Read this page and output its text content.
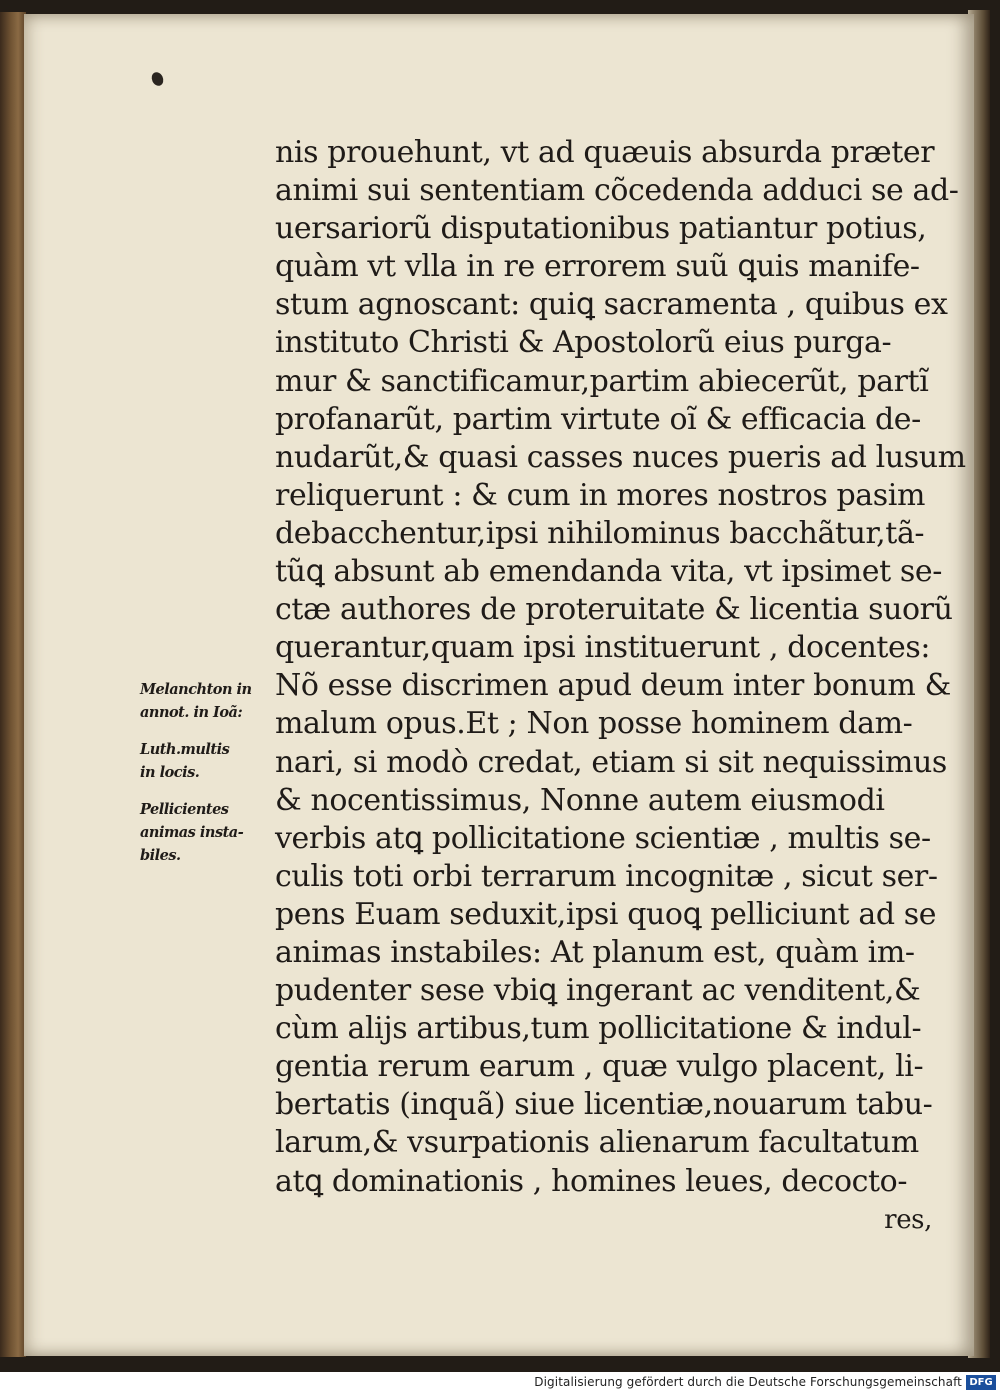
nis prouehunt, vt ad quæuis absurda præter
animi sui sententiam cõcedenda adduci se ad-
uersariorũ disputationibus patiantur potius,
quàm vt vlla in re errorem suũ ꝗuis manife-
stum agnoscant: quiꝗ sacramenta , quibus ex
instituto Christi & Apostolorũ eius purga-
mur & sanctificamur,partim abiecerũt, partĩ
profanarũt, partim virtute oĩ & efficacia de-
nudarũt,& quasi casses nuces pueris ad lusum
reliquerunt : & cum in mores nostros pasim
debacchentur,ipsi nihilominus bacchãtur,tã-
tũꝗ absunt ab emendanda vita, vt ipsimet se-
ctæ authores de proteruitate & licentia suorũ
querantur,quam ipsi instituerunt , docentes:
Nõ esse discrimen apud deum inter bonum &
malum opus.Et ; Non posse hominem dam-
nari, si modò credat, etiam si sit nequissimus
& nocentissimus, Nonne autem eiusmodi
verbis atꝗ pollicitatione scientiæ , multis se-
culis toti orbi terrarum incognitæ , sicut ser-
pens Euam seduxit,ipsi quoꝗ pelliciunt ad se
animas instabiles: At planum est, quàm im-
pudenter sese vbiꝗ ingerant ac venditent,&
cùm alijs artibus,tum pollicitatione & indul-
gentia rerum earum , quæ vulgo placent, li-
bertatis (inquã) siue licentiæ,nouarum tabu-
larum,& vsurpationis alienarum facultatum
atꝗ dominationis , homines leues, decocto-
res,
Melanchton in
annot. in Ioã:
Luth.multis
in locis.
Pellicientes
animas insta-
biles.
Digitalisierung gefördert durch die Deutsche Forschungsgemeinschaft DFG
